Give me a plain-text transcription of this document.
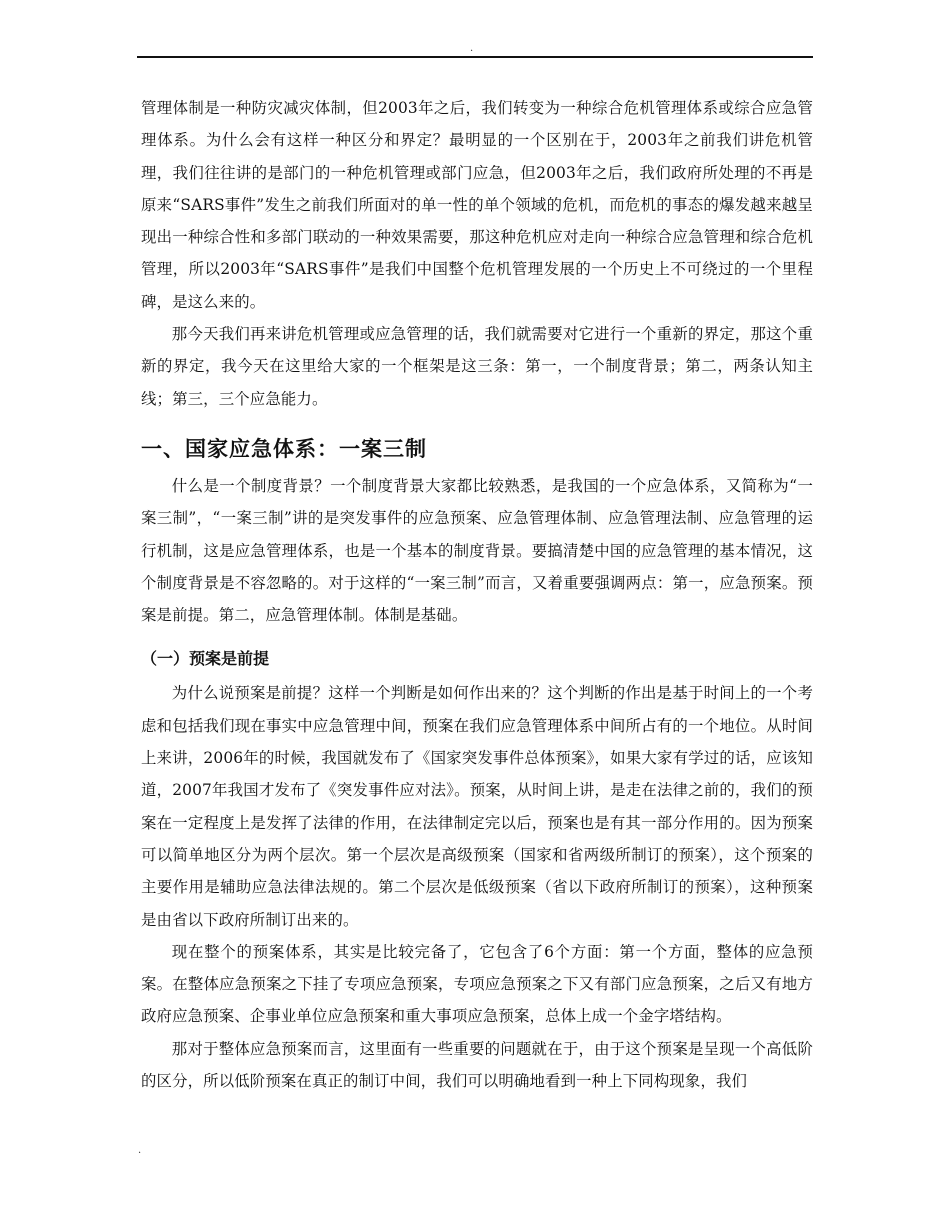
.

管理体制是一种防灾减灾体制，但2003年之后，我们转变为一种综合危机管理体系或综合应急管理体系。为什么会有这样一种区分和界定？最明显的一个区别在于，2003年之前我们讲危机管理，我们往往讲的是部门的一种危机管理或部门应急，但2003年之后，我们政府所处理的不再是原来“SARS事件”发生之前我们所面对的单一性的单个领域的危机，而危机的事态的爆发越来越呈现出一种综合性和多部门联动的一种效果需要，那这种危机应对走向一种综合应急管理和综合危机管理，所以2003年“SARS事件”是我们中国整个危机管理发展的一个历史上不可绕过的一个里程碑，是这么来的。

那今天我们再来讲危机管理或应急管理的话，我们就需要对它进行一个重新的界定，那这个重新的界定，我今天在这里给大家的一个框架是这三条：第一，一个制度背景；第二，两条认知主线；第三，三个应急能力。

一、国家应急体系：一案三制

什么是一个制度背景？一个制度背景大家都比较熟悉，是我国的一个应急体系，又简称为“一案三制”，“一案三制”讲的是突发事件的应急预案、应急管理体制、应急管理法制、应急管理的运行机制，这是应急管理体系，也是一个基本的制度背景。要搞清楚中国的应急管理的基本情况，这个制度背景是不容忽略的。对于这样的“一案三制”而言，又着重要强调两点：第一，应急预案。预案是前提。第二，应急管理体制。体制是基础。

（一）预案是前提

为什么说预案是前提？这样一个判断是如何作出来的？这个判断的作出是基于时间上的一个考虑和包括我们现在事实中应急管理中间，预案在我们应急管理体系中间所占有的一个地位。从时间上来讲，2006年的时候，我国就发布了《国家突发事件总体预案》，如果大家有学过的话，应该知道，2007年我国才发布了《突发事件应对法》。预案，从时间上讲，是走在法律之前的，我们的预案在一定程度上是发挥了法律的作用，在法律制定完以后，预案也是有其一部分作用的。因为预案可以简单地区分为两个层次。第一个层次是高级预案（国家和省两级所制订的预案），这个预案的主要作用是辅助应急法律法规的。第二个层次是低级预案（省以下政府所制订的预案），这种预案是由省以下政府所制订出来的。

现在整个的预案体系，其实是比较完备了，它包含了6个方面：第一个方面，整体的应急预案。在整体应急预案之下挂了专项应急预案，专项应急预案之下又有部门应急预案，之后又有地方政府应急预案、企事业单位应急预案和重大事项应急预案，总体上成一个金字塔结构。

那对于整体应急预案而言，这里面有一些重要的问题就在于，由于这个预案是呈现一个高低阶的区分，所以低阶预案在真正的制订中间，我们可以明确地看到一种上下同构现象，我们

.
